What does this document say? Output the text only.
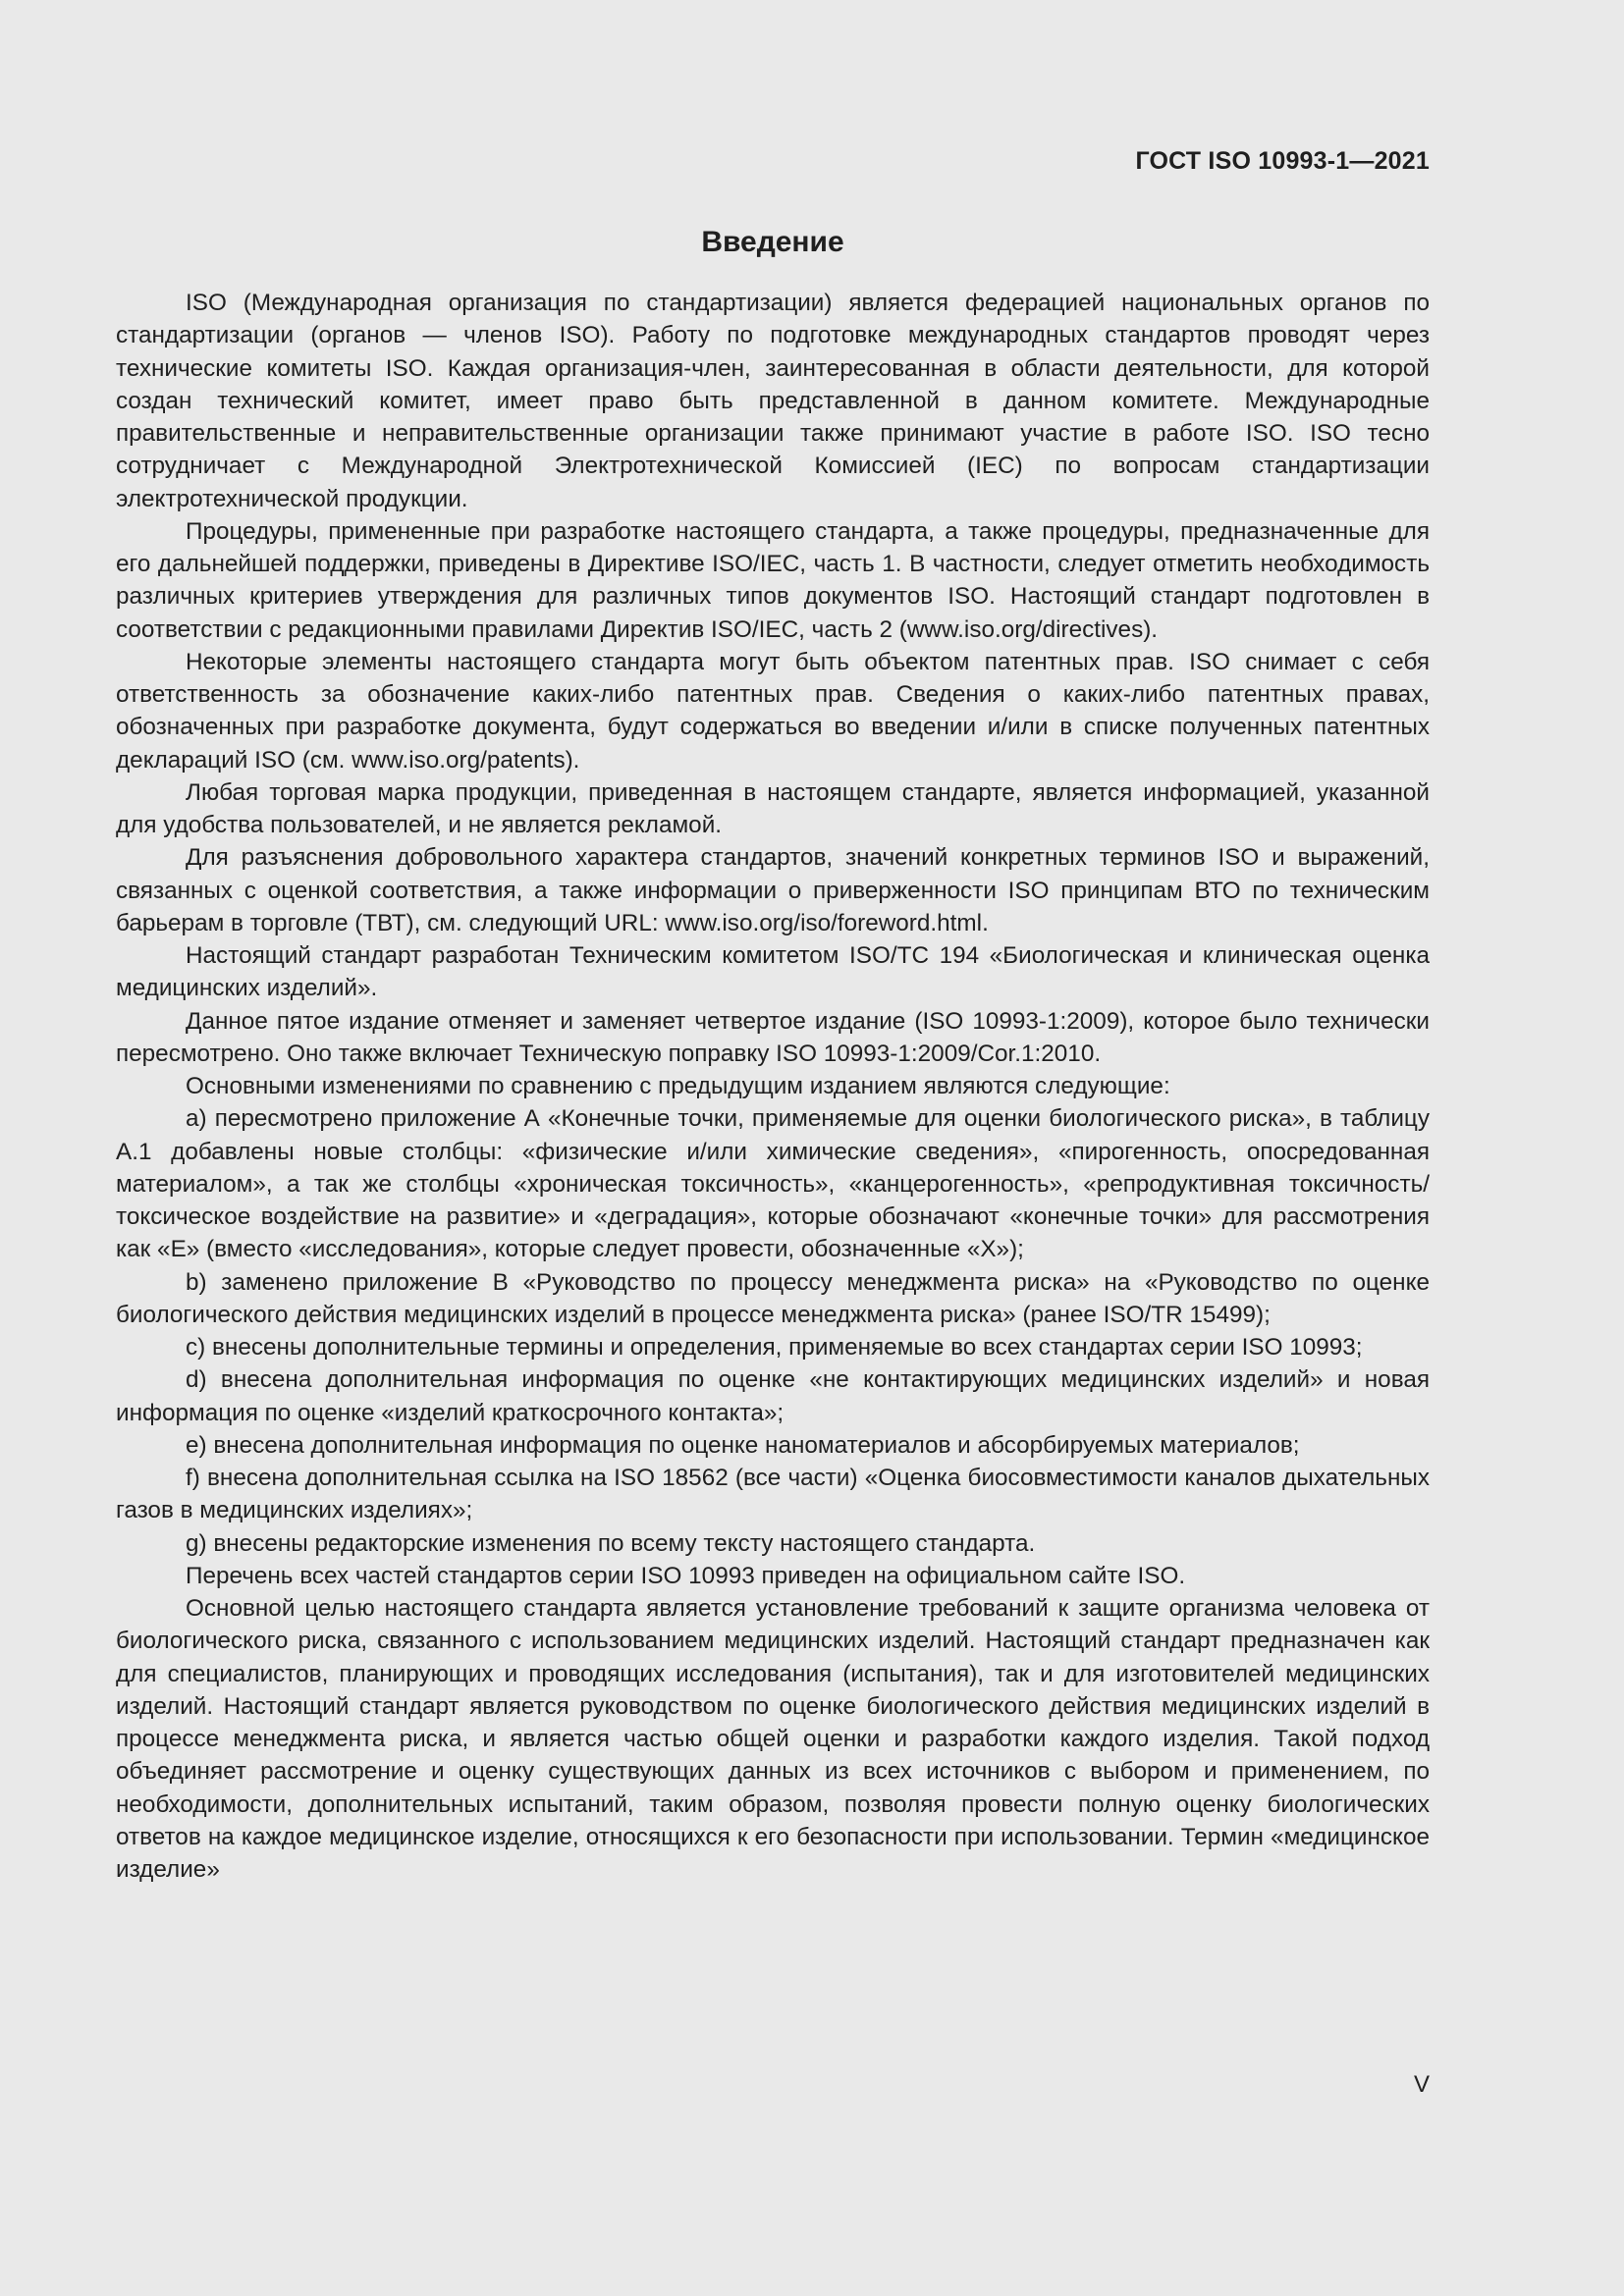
ГОСТ ISO 10993-1—2021
Введение

ISO (Международная организация по стандартизации) является федерацией национальных органов по стандартизации (органов — членов ISO). Работу по подготовке международных стандартов проводят через технические комитеты ISO. Каждая организация-член, заинтересованная в области деятельности, для которой создан технический комитет, имеет право быть представленной в данном комитете. Международные правительственные и неправительственные организации также принимают участие в работе ISO. ISO тесно сотрудничает с Международной Электротехнической Комиссией (IEC) по вопросам стандартизации электротехнической продукции.

Процедуры, примененные при разработке настоящего стандарта, а также процедуры, предназначенные для его дальнейшей поддержки, приведены в Директиве ISO/IEC, часть 1. В частности, следует отметить необходимость различных критериев утверждения для различных типов документов ISO. Настоящий стандарт подготовлен в соответствии с редакционными правилами Директив ISO/IEC, часть 2 (www.iso.org/directives).

Некоторые элементы настоящего стандарта могут быть объектом патентных прав. ISO снимает с себя ответственность за обозначение каких-либо патентных прав. Сведения о каких-либо патентных правах, обозначенных при разработке документа, будут содержаться во введении и/или в списке полученных патентных деклараций ISO (см. www.iso.org/patents).

Любая торговая марка продукции, приведенная в настоящем стандарте, является информацией, указанной для удобства пользователей, и не является рекламой.

Для разъяснения добровольного характера стандартов, значений конкретных терминов ISO и выражений, связанных с оценкой соответствия, а также информации о приверженности ISO принципам ВТО по техническим барьерам в торговле (ТВТ), см. следующий URL: www.iso.org/iso/foreword.html.

Настоящий стандарт разработан Техническим комитетом ISO/TC 194 «Биологическая и клиническая оценка медицинских изделий».

Данное пятое издание отменяет и заменяет четвертое издание (ISO 10993-1:2009), которое было технически пересмотрено. Оно также включает Техническую поправку ISO 10993-1:2009/Cor.1:2010.

Основными изменениями по сравнению с предыдущим изданием являются следующие:

a) пересмотрено приложение А «Конечные точки, применяемые для оценки биологического риска», в таблицу А.1 добавлены новые столбцы: «физические и/или химические сведения», «пирогенность, опосредованная материалом», а так же столбцы «хроническая токсичность», «канцерогенность», «репродуктивная токсичность/токсическое воздействие на развитие» и «деградация», которые обозначают «конечные точки» для рассмотрения как «Е» (вместо «исследования», которые следует провести, обозначенные «X»);

b) заменено приложение В «Руководство по процессу менеджмента риска» на «Руководство по оценке биологического действия медицинских изделий в процессе менеджмента риска» (ранее ISO/TR 15499);

c) внесены дополнительные термины и определения, применяемые во всех стандартах серии ISO 10993;

d) внесена дополнительная информация по оценке «не контактирующих медицинских изделий» и новая информация по оценке «изделий краткосрочного контакта»;

e) внесена дополнительная информация по оценке наноматериалов и абсорбируемых материалов;

f) внесена дополнительная ссылка на ISO 18562 (все части) «Оценка биосовместимости каналов дыхательных газов в медицинских изделиях»;

g) внесены редакторские изменения по всему тексту настоящего стандарта.

Перечень всех частей стандартов серии ISO 10993 приведен на официальном сайте ISO.

Основной целью настоящего стандарта является установление требований к защите организма человека от биологического риска, связанного с использованием медицинских изделий. Настоящий стандарт предназначен как для специалистов, планирующих и проводящих исследования (испытания), так и для изготовителей медицинских изделий. Настоящий стандарт является руководством по оценке биологического действия медицинских изделий в процессе менеджмента риска, и является частью общей оценки и разработки каждого изделия. Такой подход объединяет рассмотрение и оценку существующих данных из всех источников с выбором и применением, по необходимости, дополнительных испытаний, таким образом, позволяя провести полную оценку биологических ответов на каждое медицинское изделие, относящихся к его безопасности при использовании. Термин «медицинское изделие»

V
